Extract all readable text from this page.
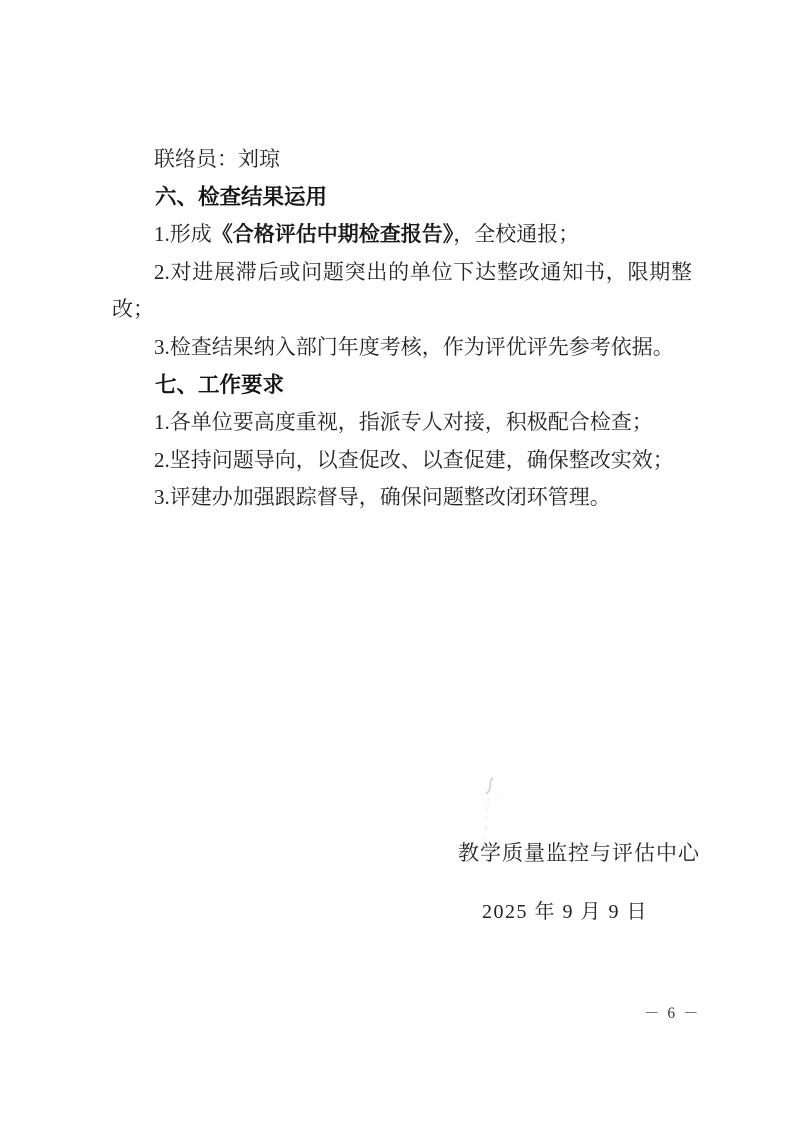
联络员：刘琼

六、检查结果运用

1.形成《合格评估中期检查报告》，全校通报；

2.对进展滞后或问题突出的单位下达整改通知书，限期整改；

3.检查结果纳入部门年度考核，作为评优评先参考依据。

七、工作要求

1.各单位要高度重视，指派专人对接，积极配合检查；

2.坚持问题导向，以查促改、以查促建，确保整改实效；

3.评建办加强跟踪督导，确保问题整改闭环管理。

教学质量监控与评估中心
2025 年 9 月 9 日
－ 6 －
